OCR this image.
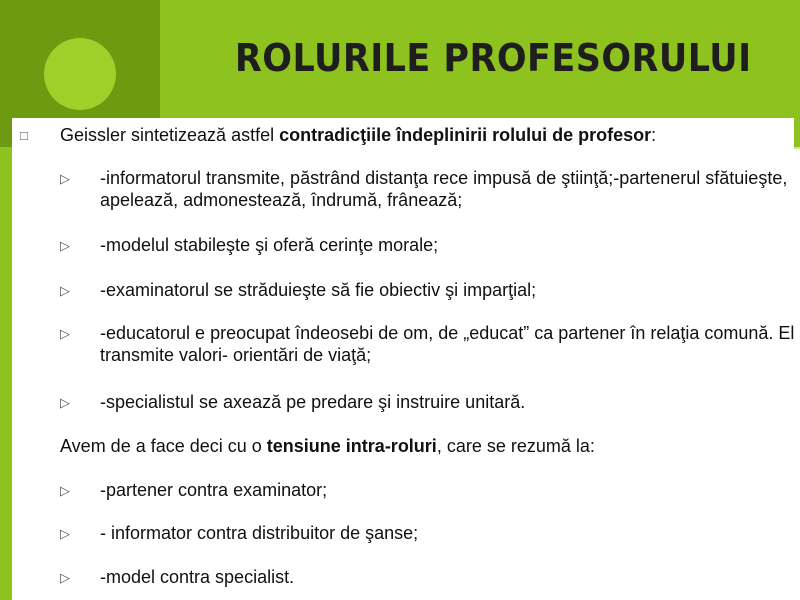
ROLURILE PROFESORULUI
□ Geissler sintetizează astfel contradicţiile îndeplinirii rolului de profesor:
▷ -informatorul transmite, păstrând distanţa rece impusă de ştiinţă;-partenerul sfătuieşte, apelează, admonestează, îndrumă, frânează;
▷ -modelul stabileşte şi oferă cerinţe morale;
▷ -examinatorul se străduieşte să fie obiectiv şi imparţial;
▷ -educatorul e preocupat îndeosebi de om, de „educat” ca partener în relaţia comună. El transmite valori- orientări de viaţă;
▷ -specialistul se axează pe predare şi instruire unitară.
Avem de a face deci cu o tensiune intra-roluri, care se rezumă la:
▷ -partener contra examinator;
▷ - informator contra distribuitor de şanse;
▷ -model contra specialist.
